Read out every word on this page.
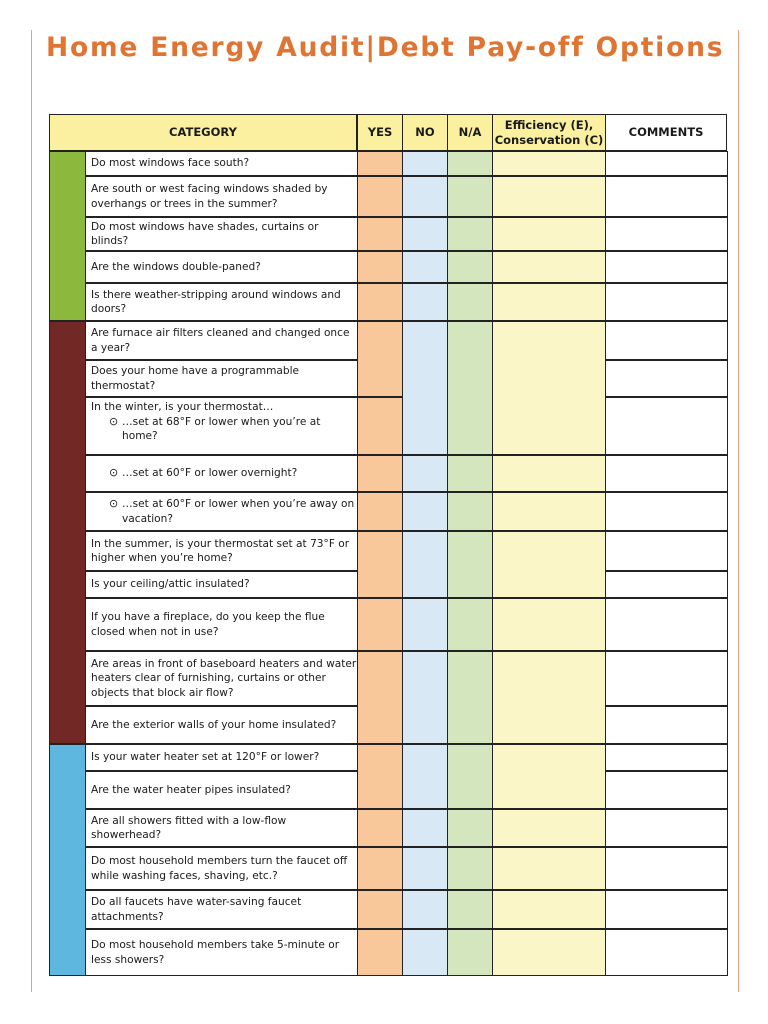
Home Energy Audit|Debt Pay-off Options
CATEGORY	YES NO N/A
Efficiency (E),
Conservation (C)
COMMENTS
Do most windows face south?
Are south or west facing windows shaded by overhangs or trees in the summer?
Do most windows have shades, curtains or blinds?
Are the windows double-paned?
Is there weather-stripping around windows and doors?
Are furnace air filters cleaned and changed once a year?
Does your home have a programmable thermostat?
In the winter, is your thermostat…
⊙ …set at 68°F or lower when you’re at home?
⊙ …set at 60°F or lower overnight?
⊙ …set at 60°F or lower when you’re away on vacation?
In the summer, is your thermostat set at 73°F or higher when you’re home?
Is your ceiling/attic insulated?
If you have a fireplace, do you keep the flue closed when not in use?
Are areas in front of baseboard heaters and water heaters clear of furnishing, curtains or other objects that block air flow?
Are the exterior walls of your home insulated?
Is your water heater set at 120°F or lower?
Are the water heater pipes insulated?
Are all showers fitted with a low-flow showerhead?
Do most household members turn the faucet off while washing faces, shaving, etc.?
Do all faucets have water-saving faucet attachments?
Do most household members take 5-minute or less showers?
